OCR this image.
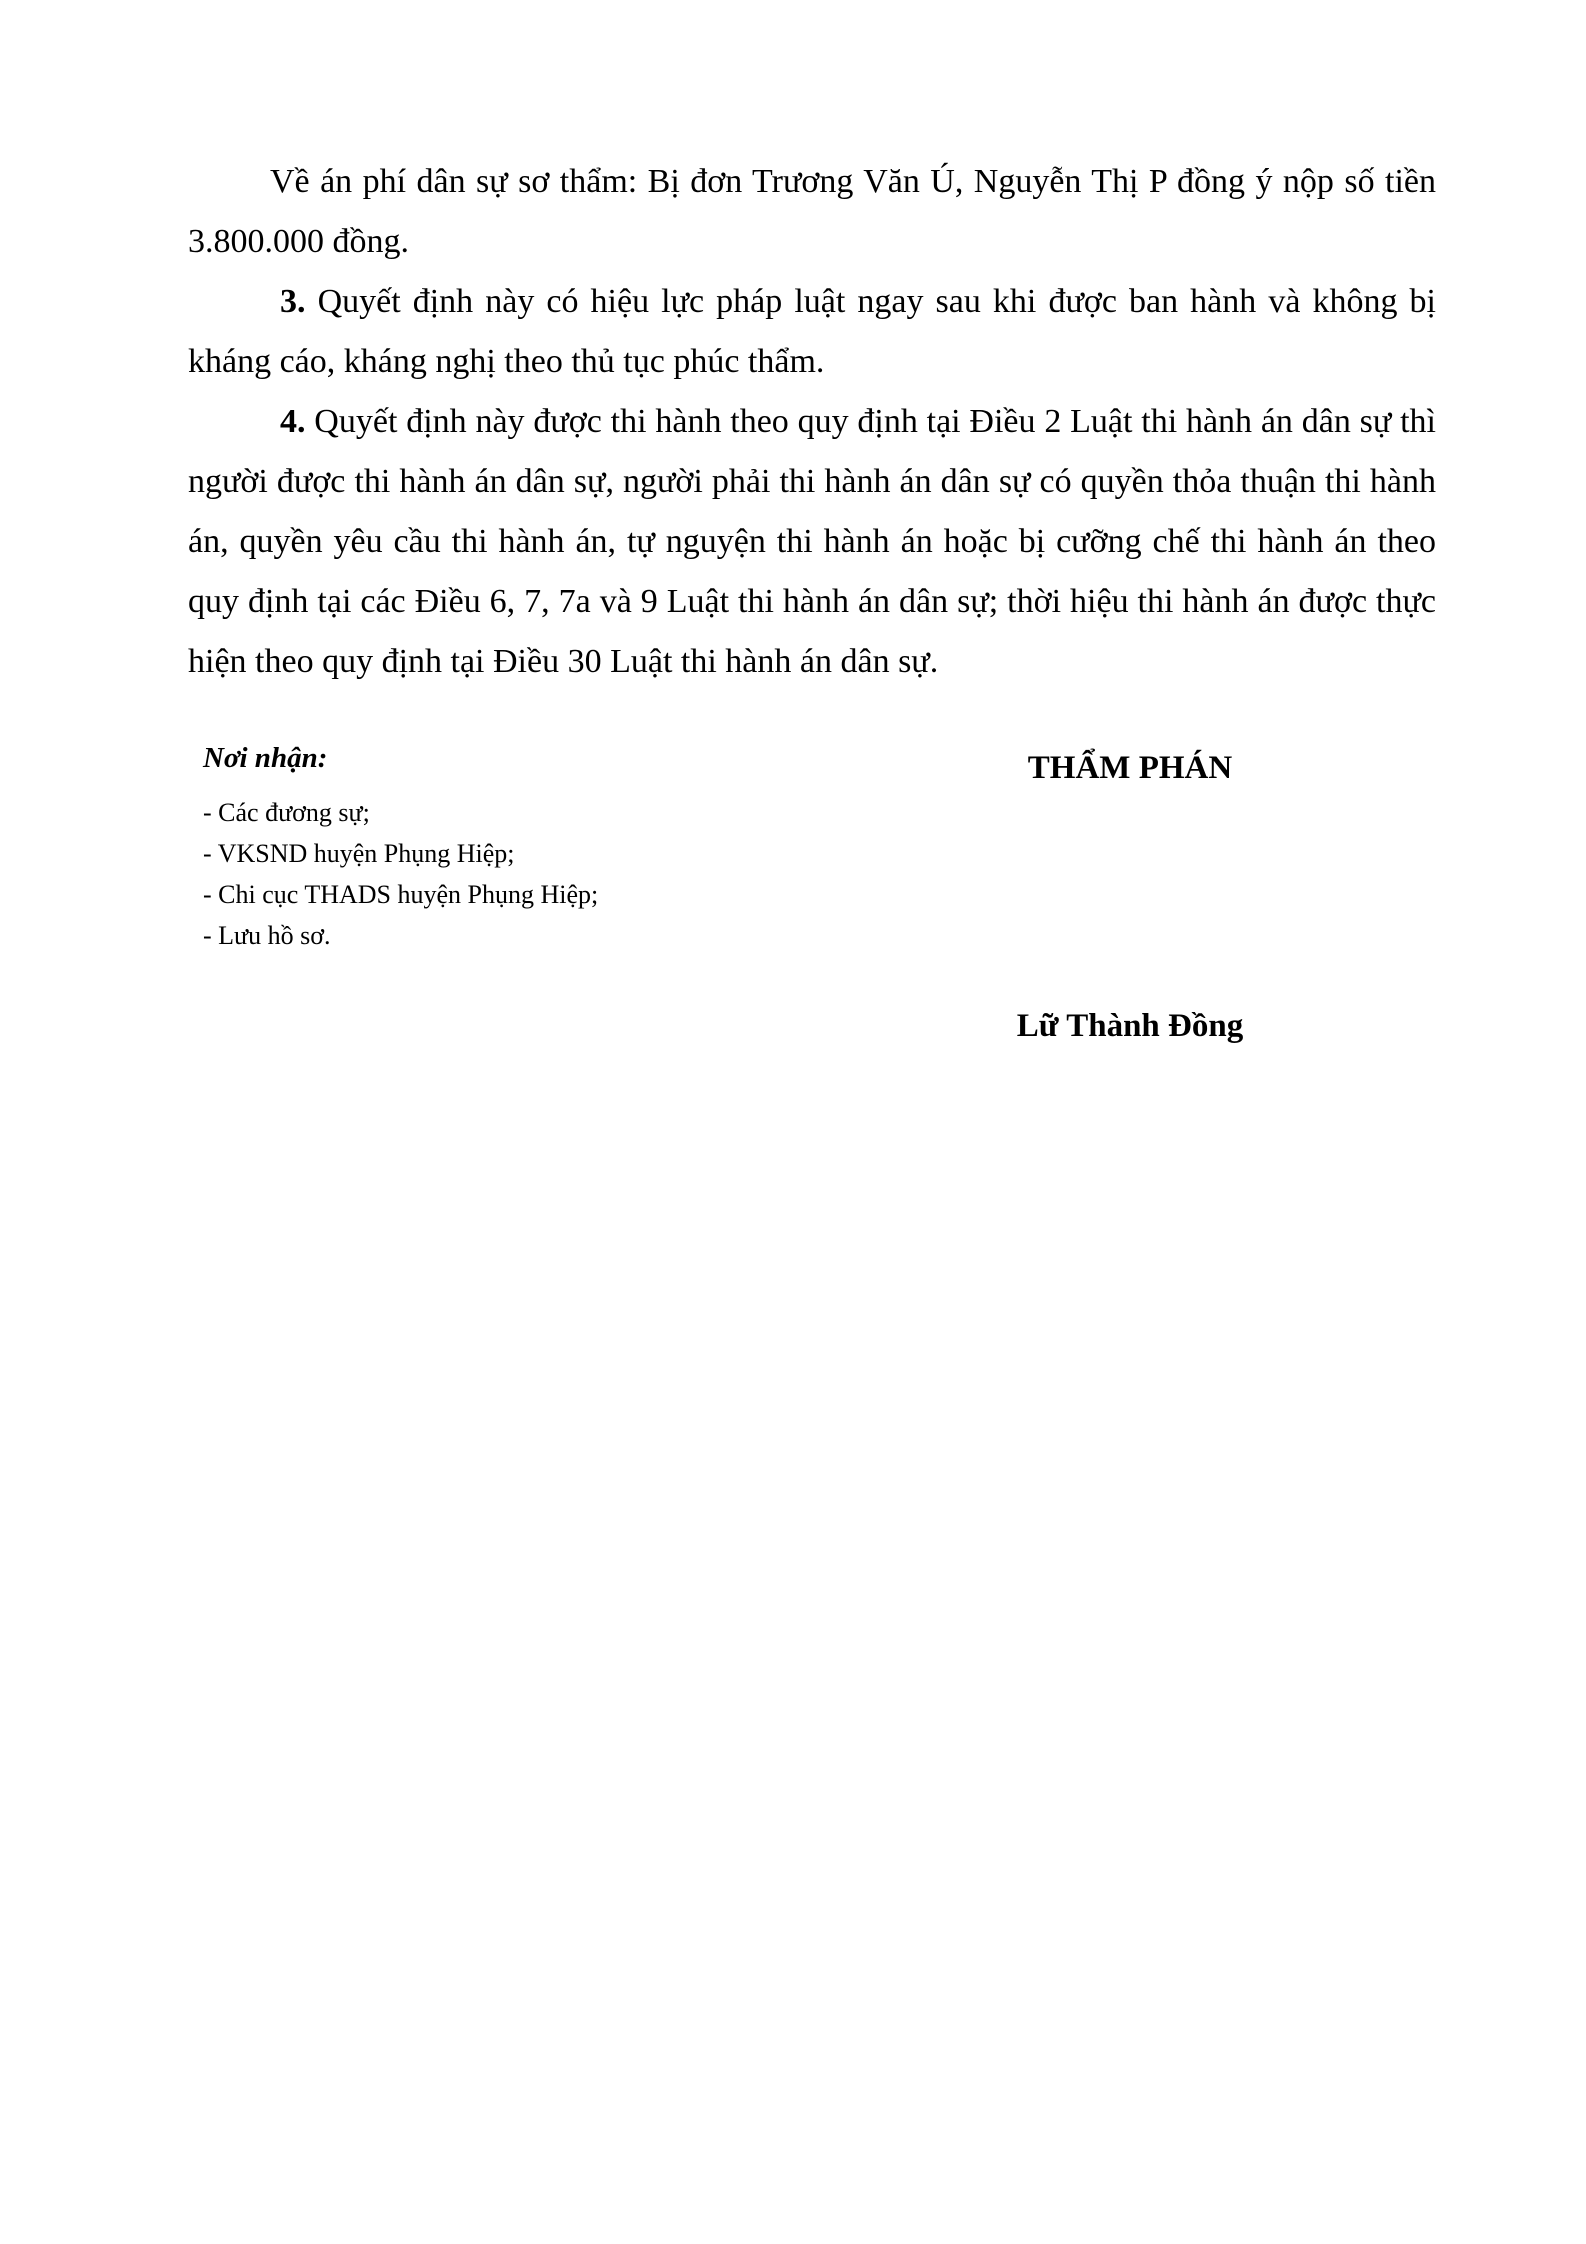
Về án phí dân sự sơ thẩm: Bị đơn Trương Văn Ú, Nguyễn Thị P đồng ý nộp số tiền 3.800.000 đồng.

3. Quyết định này có hiệu lực pháp luật ngay sau khi được ban hành và không bị kháng cáo, kháng nghị theo thủ tục phúc thẩm.

4. Quyết định này được thi hành theo quy định tại Điều 2 Luật thi hành án dân sự thì người được thi hành án dân sự, người phải thi hành án dân sự có quyền thỏa thuận thi hành án, quyền yêu cầu thi hành án, tự nguyện thi hành án hoặc bị cưỡng chế thi hành án theo quy định tại các Điều 6, 7, 7a và 9 Luật thi hành án dân sự; thời hiệu thi hành án được thực hiện theo quy định tại Điều 30 Luật thi hành án dân sự.

Nơi nhận:

- Các đương sự;
- VKSND huyện Phụng Hiệp;
- Chi cục THADS huyện Phụng Hiệp;
- Lưu hồ sơ.

THẨM PHÁN

Lữ Thành Đồng
